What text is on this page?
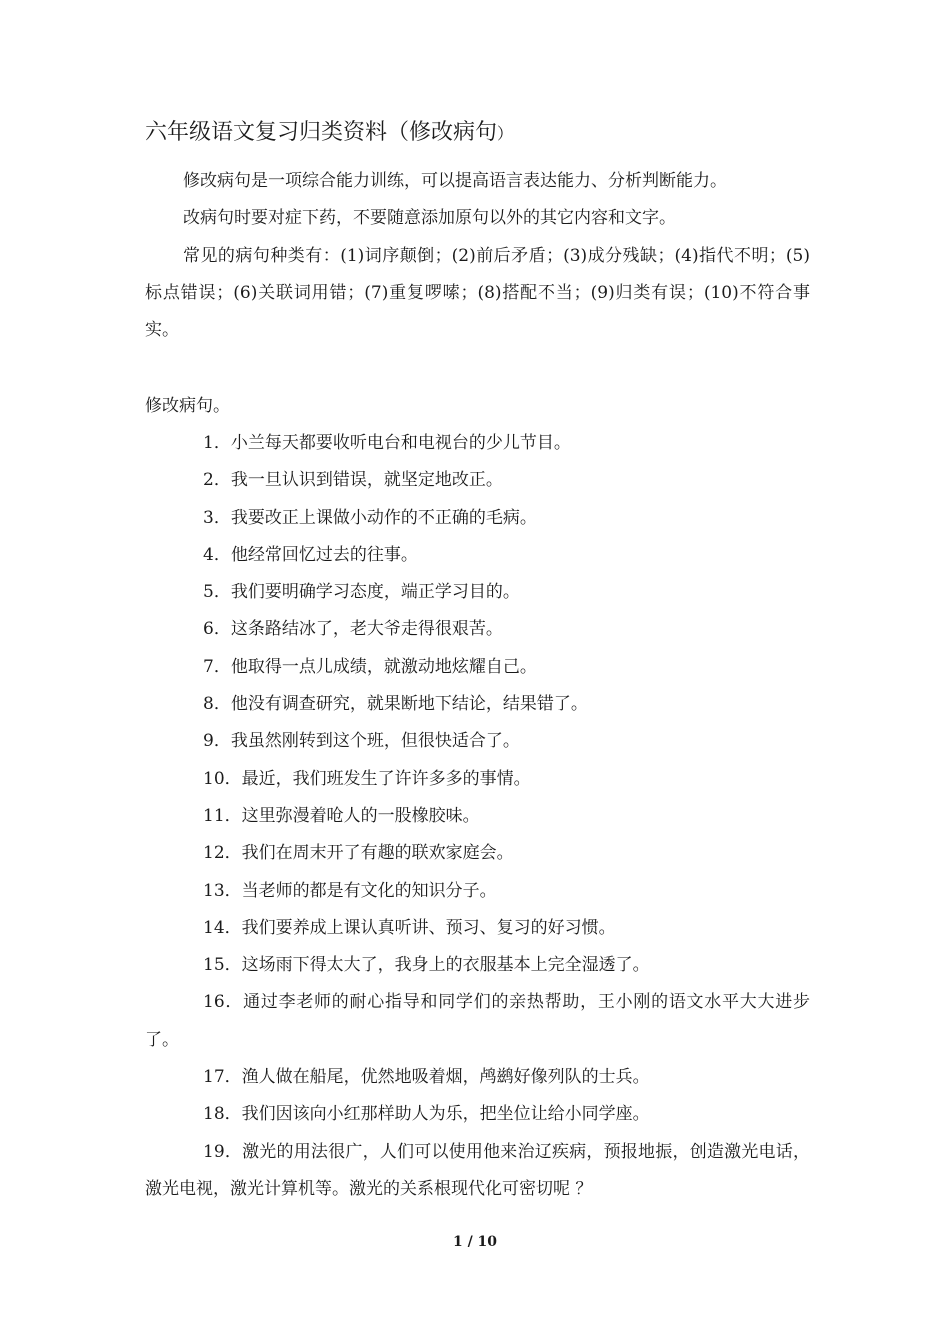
六年级语文复习归类资料（修改病句）
修改病句是一项综合能力训练，可以提高语言表达能力、分析判断能力。
改病句时要对症下药，不要随意添加原句以外的其它内容和文字。
常见的病句种类有：(1)词序颠倒；(2)前后矛盾；(3)成分残缺；(4)指代不明；(5)标点错误；(6)关联词用错；(7)重复啰嗦；(8)搭配不当；(9)归类有误；(10)不符合事实。
修改病句。
1．小兰每天都要收听电台和电视台的少儿节目。
2．我一旦认识到错误，就坚定地改正。
3．我要改正上课做小动作的不正确的毛病。
4．他经常回忆过去的往事。
5．我们要明确学习态度，端正学习目的。
6．这条路结冰了，老大爷走得很艰苦。
7．他取得一点儿成绩，就激动地炫耀自己。
8．他没有调查研究，就果断地下结论，结果错了。
9．我虽然刚转到这个班，但很快适合了。
10．最近，我们班发生了许许多多的事情。
11．这里弥漫着呛人的一股橡胶味。
12．我们在周末开了有趣的联欢家庭会。
13．当老师的都是有文化的知识分子。
14．我们要养成上课认真听讲、预习、复习的好习惯。
15．这场雨下得太大了，我身上的衣服基本上完全湿透了。
16．通过李老师的耐心指导和同学们的亲热帮助，王小刚的语文水平大大进步了。
17．渔人做在船尾，优然地吸着烟，鸬鹚好像列队的士兵。
18．我们因该向小红那样助人为乐，把坐位让给小同学座。
19．激光的用法很广，人们可以使用他来治辽疾病，预报地振，创造激光电话，激光电视，激光计算机等。激光的关系根现代化可密切呢 ？
1 / 10
